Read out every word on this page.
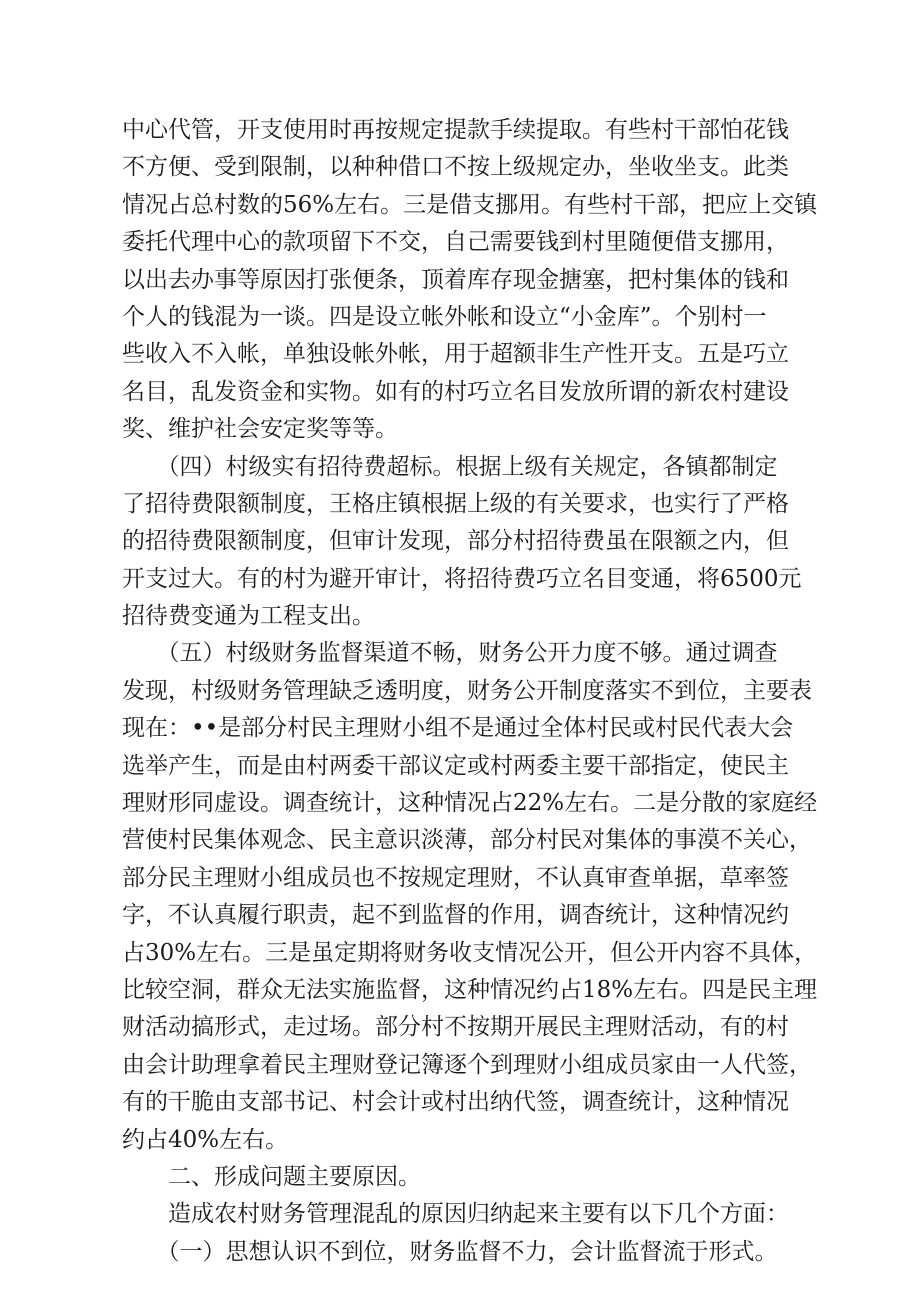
中心代管，开支使用时再按规定提款手续提取。有些村干部怕花钱
不方便、受到限制，以种种借口不按上级规定办，坐收坐支。此类
情况占总村数的56%左右。三是借支挪用。有些村干部，把应上交镇
委托代理中心的款项留下不交，自己需要钱到村里随便借支挪用，
以出去办事等原因打张便条，顶着库存现金搪塞，把村集体的钱和
个人的钱混为一谈。四是设立帐外帐和设立“小金库”。个别村一
些收入不入帐，单独设帐外帐，用于超额非生产性开支。五是巧立
名目，乱发资金和实物。如有的村巧立名目发放所谓的新农村建设
奖、维护社会安定奖等等。
　　（四）村级实有招待费超标。根据上级有关规定，各镇都制定
了招待费限额制度，王格庄镇根据上级的有关要求，也实行了严格
的招待费限额制度，但审计发现，部分村招待费虽在限额之内，但
开支过大。有的村为避开审计，将招待费巧立名目变通，将6500元
招待费变通为工程支出。
　　（五）村级财务监督渠道不畅，财务公开力度不够。通过调查
发现，村级财务管理缺乏透明度，财务公开制度落实不到位，主要表
现在：••是部分村民主理财小组不是通过全体村民或村民代表大会
选举产生，而是由村两委干部议定或村两委主要干部指定，使民主
理财形同虚设。调查统计，这种情况占22%左右。二是分散的家庭经
营使村民集体观念、民主意识淡薄，部分村民对集体的事漠不关心，
部分民主理财小组成员也不按规定理财，不认真审查单据，草率签
字，不认真履行职责，起不到监督的作用，调杳统计，这种情况约
占30%左右。三是虽定期将财务收支情况公开，但公开内容不具体，
比较空洞，群众无法实施监督，这种情况约占18%左右。四是民主理
财活动搞形式，走过场。部分村不按期开展民主理财活动，有的村
由会计助理拿着民主理财登记簿逐个到理财小组成员家由一人代签，
有的干脆由支部书记、村会计或村出纳代签，调查统计，这种情况
约占40%左右。
　　二、形成问题主要原因。
　　造成农村财务管理混乱的原因归纳起来主要有以下几个方面：
　　（一）思想认识不到位，财务监督不力，会计监督流于形式。
